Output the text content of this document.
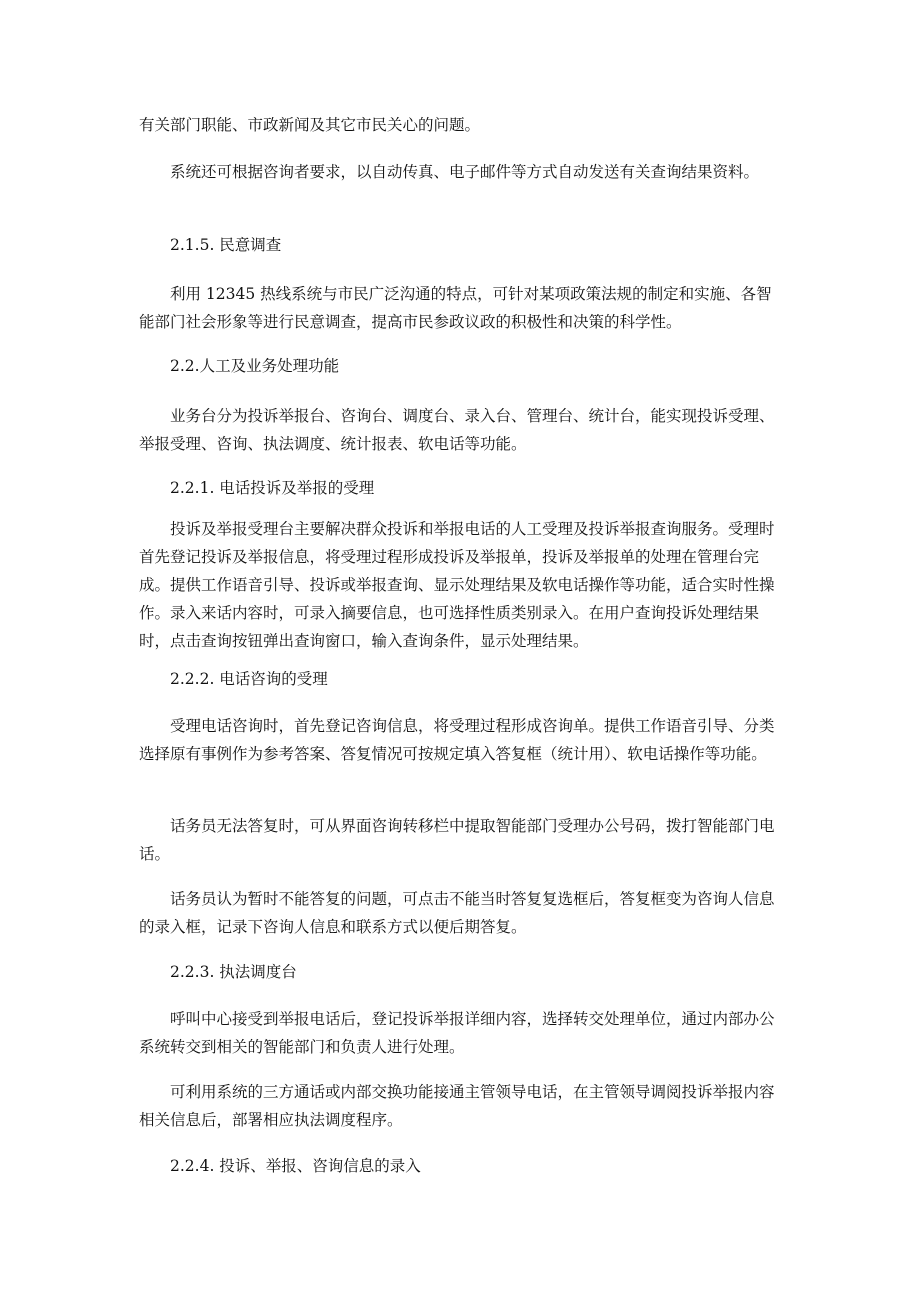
有关部门职能、市政新闻及其它市民关心的问题。

系统还可根据咨询者要求，以自动传真、电子邮件等方式自动发送有关查询结果资料。

2.1.5. 民意调查

利用 12345 热线系统与市民广泛沟通的特点，可针对某项政策法规的制定和实施、各智能部门社会形象等进行民意调查，提高市民参政议政的积极性和决策的科学性。

2.2.人工及业务处理功能

业务台分为投诉举报台、咨询台、调度台、录入台、管理台、统计台，能实现投诉受理、举报受理、咨询、执法调度、统计报表、软电话等功能。

2.2.1. 电话投诉及举报的受理

投诉及举报受理台主要解决群众投诉和举报电话的人工受理及投诉举报查询服务。受理时首先登记投诉及举报信息，将受理过程形成投诉及举报单，投诉及举报单的处理在管理台完成。提供工作语音引导、投诉或举报查询、显示处理结果及软电话操作等功能，适合实时性操作。录入来话内容时，可录入摘要信息，也可选择性质类别录入。在用户查询投诉处理结果时，点击查询按钮弹出查询窗口，输入查询条件，显示处理结果。

2.2.2. 电话咨询的受理

受理电话咨询时，首先登记咨询信息，将受理过程形成咨询单。提供工作语音引导、分类选择原有事例作为参考答案、答复情况可按规定填入答复框（统计用）、软电话操作等功能。

话务员无法答复时，可从界面咨询转移栏中提取智能部门受理办公号码，拨打智能部门电话。

话务员认为暂时不能答复的问题，可点击不能当时答复复选框后，答复框变为咨询人信息的录入框，记录下咨询人信息和联系方式以便后期答复。

2.2.3. 执法调度台

呼叫中心接受到举报电话后，登记投诉举报详细内容，选择转交处理单位，通过内部办公系统转交到相关的智能部门和负责人进行处理。

可利用系统的三方通话或内部交换功能接通主管领导电话，在主管领导调阅投诉举报内容相关信息后，部署相应执法调度程序。

2.2.4. 投诉、举报、咨询信息的录入
